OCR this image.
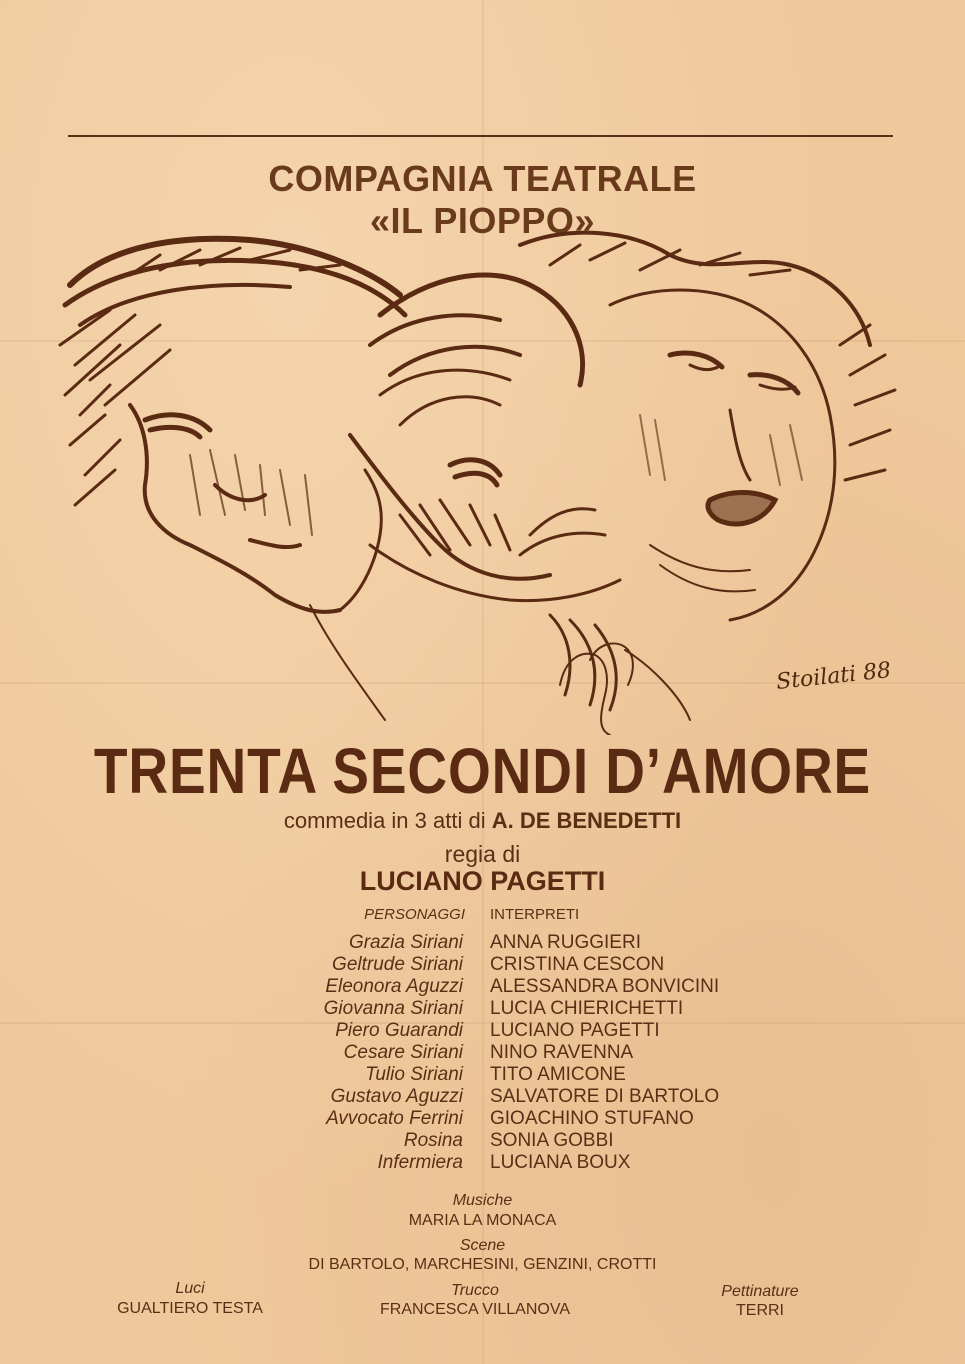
COMPAGNIA TEATRALE
«IL PIOPPO»
Stoilati 88
TRENTA SECONDI D’AMORE
commedia in 3 atti di A. DE BENEDETTI
regia di
LUCIANO PAGETTI
PERSONAGGI INTERPRETI
Grazia Siriani ANNA RUGGIERI
Geltrude Siriani CRISTINA CESCON
Eleonora Aguzzi ALESSANDRA BONVICINI
Giovanna Siriani LUCIA CHIERICHETTI
Piero Guarandi LUCIANO PAGETTI
Cesare Siriani NINO RAVENNA
Tulio Siriani TITO AMICONE
Gustavo Aguzzi SALVATORE DI BARTOLO
Avvocato Ferrini GIOACHINO STUFANO
Rosina SONIA GOBBI
Infermiera LUCIANA BOUX
Musiche
MARIA LA MONACA
Scene
DI BARTOLO, MARCHESINI, GENZINI, CROTTI
Luci
GUALTIERO TESTA
Trucco
FRANCESCA VILLANOVA
Pettinature
TERRI
